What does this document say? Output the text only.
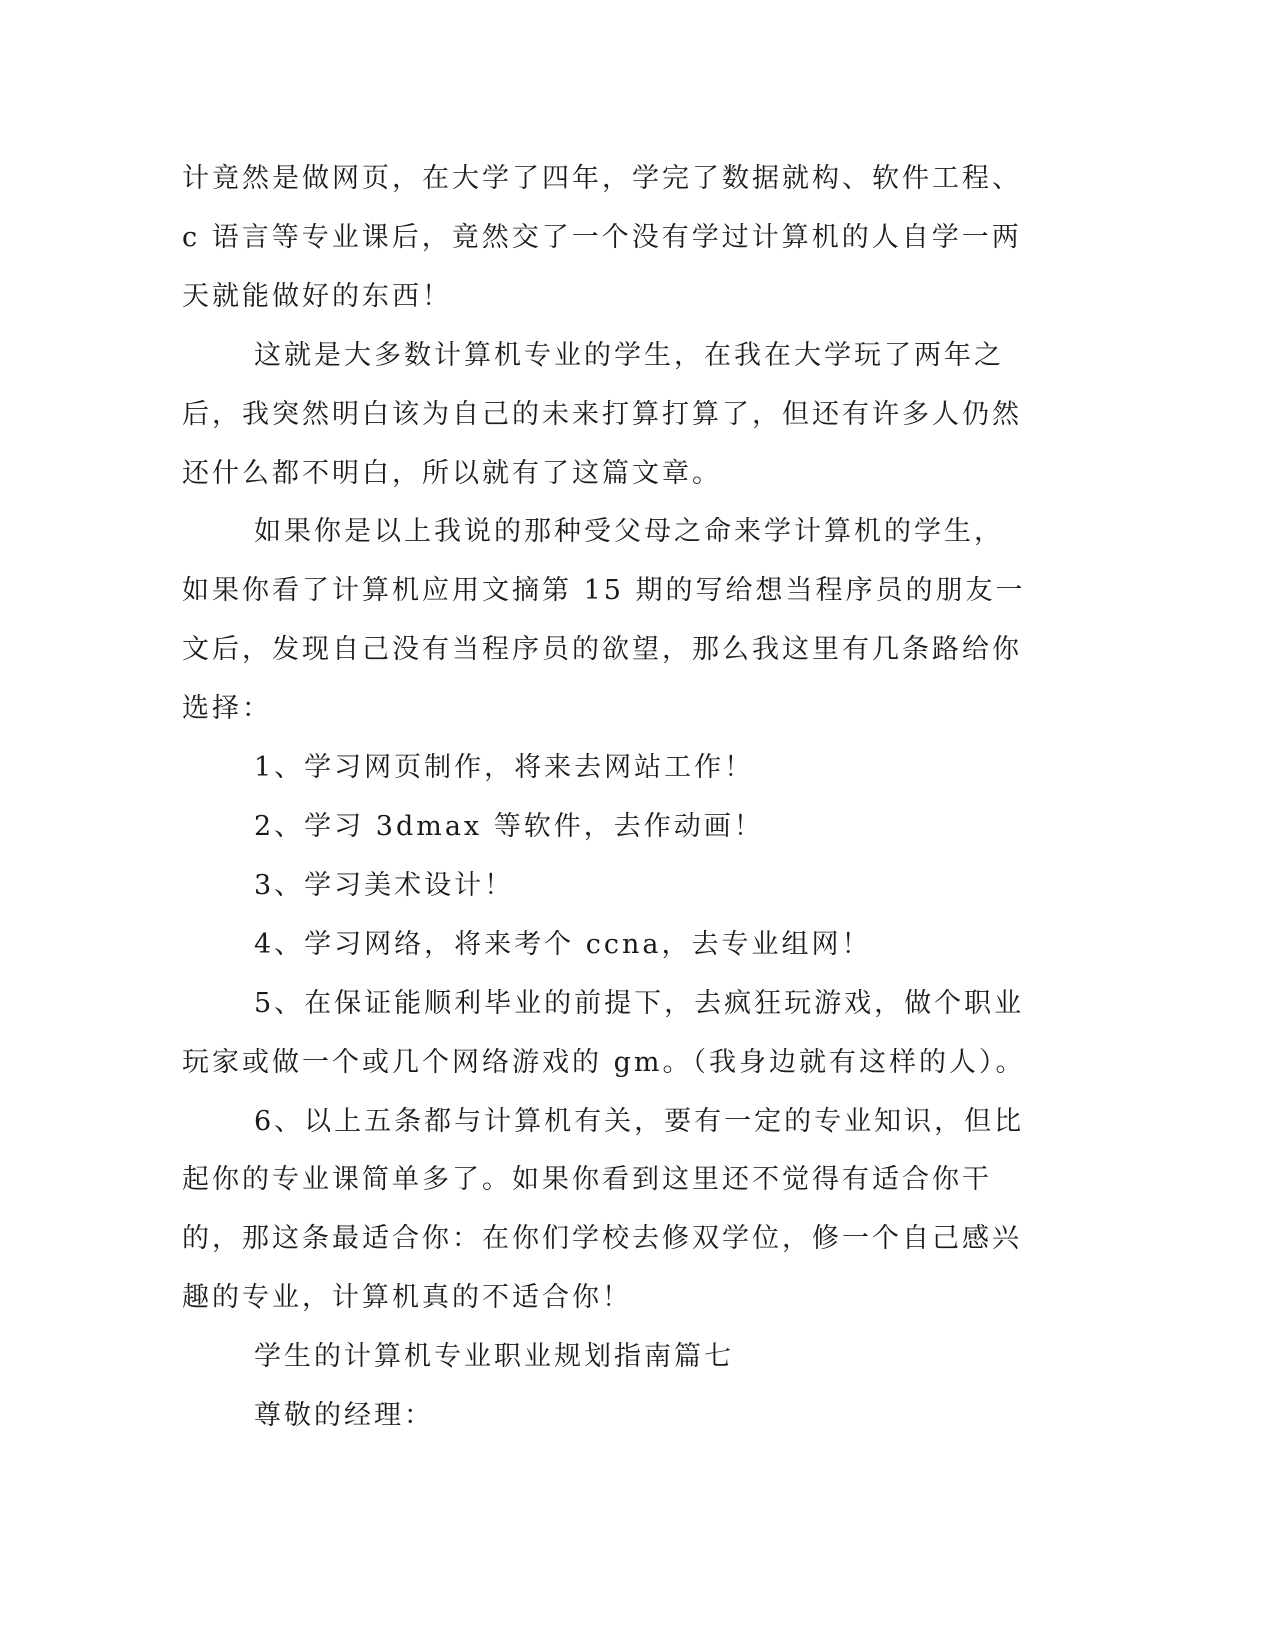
计竟然是做网页，在大学了四年，学完了数据就构、软件工程、c 语言等专业课后，竟然交了一个没有学过计算机的人自学一两天就能做好的东西！

这就是大多数计算机专业的学生，在我在大学玩了两年之后，我突然明白该为自己的未来打算打算了，但还有许多人仍然还什么都不明白，所以就有了这篇文章。

如果你是以上我说的那种受父母之命来学计算机的学生，如果你看了计算机应用文摘第 15 期的写给想当程序员的朋友一文后，发现自己没有当程序员的欲望，那么我这里有几条路给你选择：

1、学习网页制作，将来去网站工作！

2、学习 3dmax 等软件，去作动画！

3、学习美术设计！

4、学习网络，将来考个 ccna，去专业组网！

5、在保证能顺利毕业的前提下，去疯狂玩游戏，做个职业玩家或做一个或几个网络游戏的 gm。（我身边就有这样的人）。

6、以上五条都与计算机有关，要有一定的专业知识，但比起你的专业课简单多了。如果你看到这里还不觉得有适合你干的，那这条最适合你：在你们学校去修双学位，修一个自己感兴趣的专业，计算机真的不适合你！

学生的计算机专业职业规划指南篇七

尊敬的经理：
